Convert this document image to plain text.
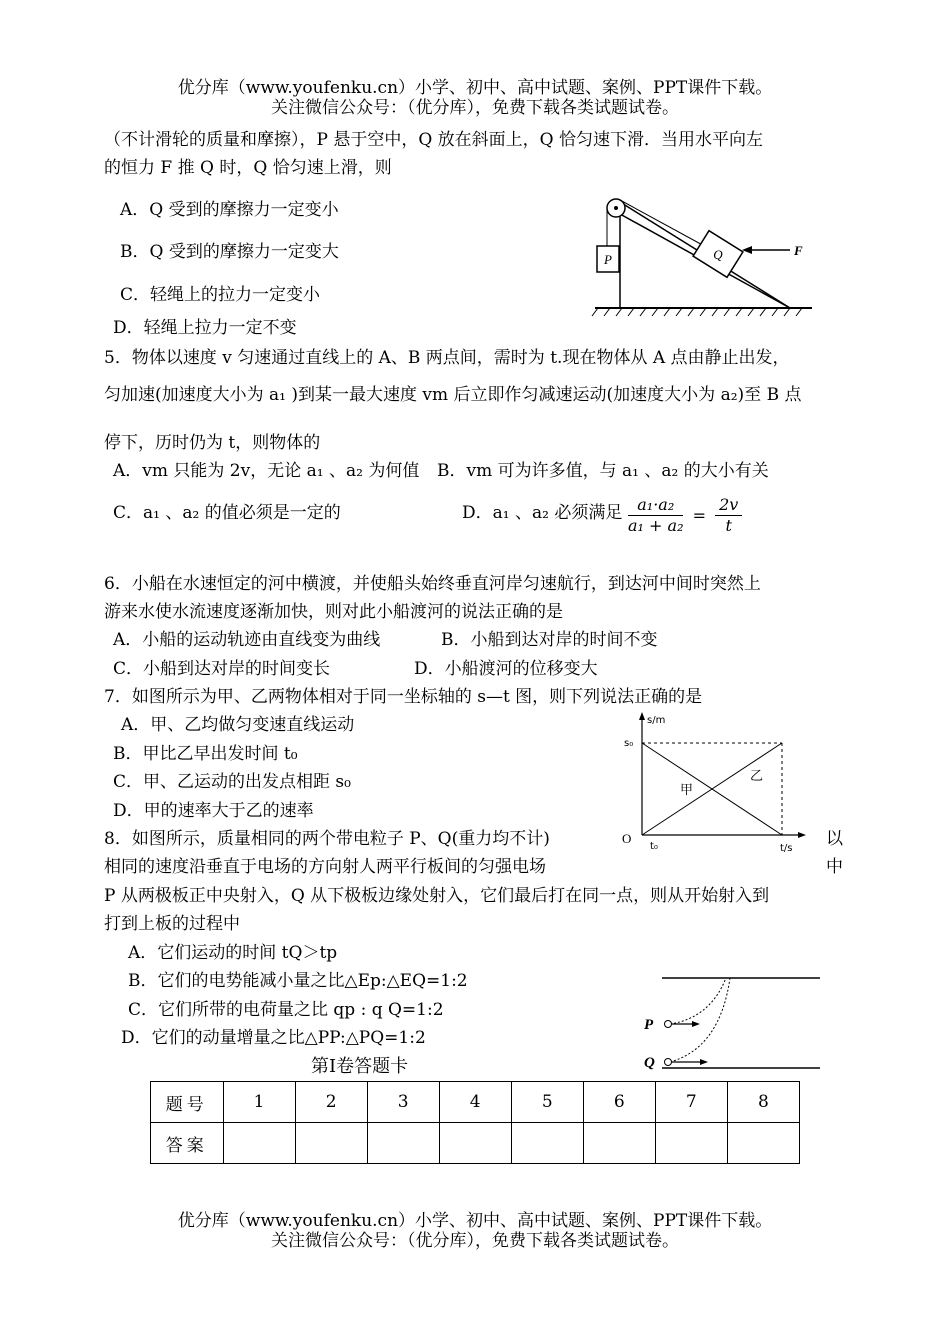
优分库（www.youfenku.cn）小学、初中、高中试题、案例、PPT课件下载。
关注微信公众号：（优分库），免费下载各类试题试卷。
（不计滑轮的质量和摩擦），P 悬于空中，Q 放在斜面上，Q 恰匀速下滑．当用水平向左
的恒力 F 推 Q 时，Q 恰匀速上滑，则
A．Q 受到的摩擦力一定变小
B．Q 受到的摩擦力一定变大
C．轻绳上的拉力一定变小
D．轻绳上拉力一定不变
P	Q	F
5．物体以速度 v 匀速通过直线上的 A、B 两点间，需时为 t.现在物体从 A 点由静止出发，
匀加速(加速度大小为 a₁ )到某一最大速度 vm 后立即作匀减速运动(加速度大小为 a₂)至 B 点
停下，历时仍为 t，则物体的
A．vm 只能为 2v，无论 a₁ 、a₂ 为何值 B．vm 可为许多值，与 a₁ 、a₂ 的大小有关
C．a₁ 、a₂ 的值必须是一定的	D．a₁ 、a₂ 必须满足 $\frac{\text{a₁·a₂}}{\text{a₁ + a₂}} = \frac{2v}{t}$
6．小船在水速恒定的河中横渡，并使船头始终垂直河岸匀速航行，到达河中间时突然上
游来水使水流速度逐渐加快，则对此小船渡河的说法正确的是
A．小船的运动轨迹由直线变为曲线	B．小船到达对岸的时间不变
C．小船到达对岸的时间变长	D．小船渡河的位移变大
7．如图所示为甲、乙两物体相对于同一坐标轴的 s—t 图，则下列说法正确的是
A．甲、乙均做匀变速直线运动
B．甲比乙早出发时间 t₀
C．甲、乙运动的出发点相距 s₀
D．甲的速率大于乙的速率
s/m
t/s
s₀
t₀
O
甲
乙
8．如图所示，质量相同的两个带电粒子 P、Q(重力均不计)	以
相同的速度沿垂直于电场的方向射人两平行板间的匀强电场	中
P 从两极板正中央射入，Q 从下极板边缘处射入，它们最后打在同一点，则从开始射入到
打到上板的过程中
A．它们运动的时间 tQ＞tp
B．它们的电势能减小量之比△Ep:△EQ=1:2
C．它们所带的电荷量之比 qp : q Q=1:2
D．它们的动量增量之比△PP:△PQ=1:2
P
Q
第Ⅰ卷答题卡
题号	1	2	3	4	5	6	7	8
答案								
优分库（www.youfenku.cn）小学、初中、高中试题、案例、PPT课件下载。
关注微信公众号：（优分库），免费下载各类试题试卷。
